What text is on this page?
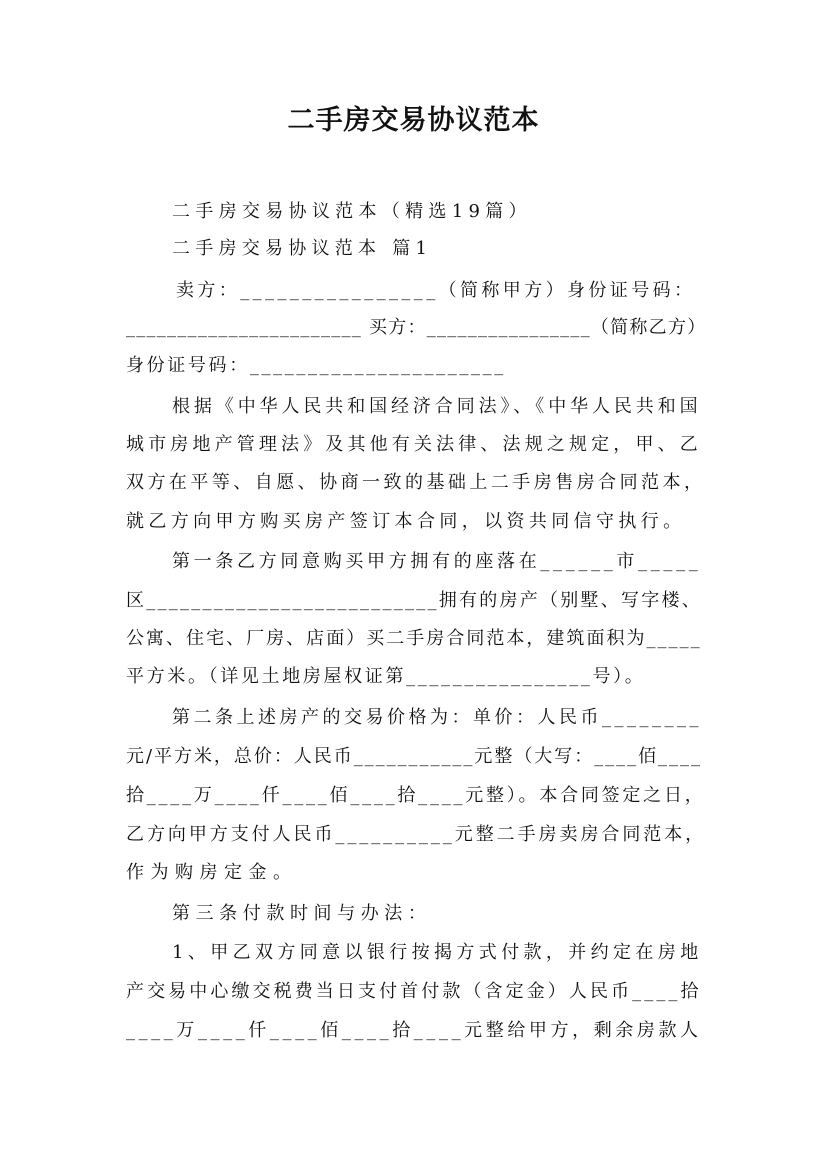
二手房交易协议范本
二手房交易协议范本（精选19篇）
二手房交易协议范本 篇1
卖方：________________（简称甲方）身份证号码：
_______________________ 买方：________________（简称乙方）
身份证号码：______________________
根据《中华人民共和国经济合同法》、《中华人民共和国
城市房地产管理法》及其他有关法律、法规之规定，甲、乙
双方在平等、自愿、协商一致的基础上二手房售房合同范本，
就乙方向甲方购买房产签订本合同，以资共同信守执行。
第一条乙方同意购买甲方拥有的座落在______市_____
区__________________________拥有的房产（别墅、写字楼、
公寓、住宅、厂房、店面）买二手房合同范本，建筑面积为_____
平方米。（详见土地房屋权证第________________号）。
第二条上述房产的交易价格为：单价：人民币________
元/平方米，总价：人民币___________元整（大写：____佰____
拾____万____仟____佰____拾____元整）。本合同签定之日，
乙方向甲方支付人民币__________元整二手房卖房合同范本，
作为购房定金。
第三条付款时间与办法：
1、甲乙双方同意以银行按揭方式付款，并约定在房地
产交易中心缴交税费当日支付首付款（含定金）人民币____拾
____万____仟____佰____拾____元整给甲方，剩余房款人
